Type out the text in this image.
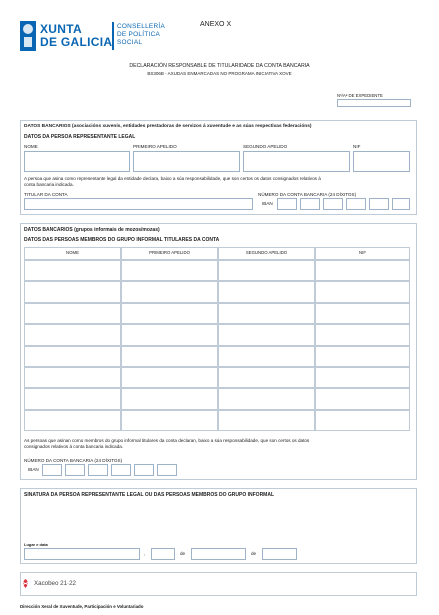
XUNTA
DE GALICIA
CONSELLERÍA
DE POLÍTICA
SOCIAL
ANEXO X
DECLARACIÓN RESPONSABLE DE TITULARIDADE DA CONTA BANCARIA
BS306B - AXUDAS ENMARCADAS NO PROGRAMA INICIATIVA XOVE
Nº/Aª DE EXPEDIENTE
DATOS BANCARIOS (asociacións xuvenís, entidades prestadoras de servizos á xuventude e as súas respectivas federacións)
DATOS DA PERSOA REPRESENTANTE LEGAL
NOME	PRIMEIRO APELIDO	SEGUNDO APELIDO	NIF
A persoa que asina como representante legal da entidade declara, baixo a súa responsabilidade, que son certos os datos consignados relativos á
conta bancaria indicada.
TITULAR DA CONTA	NÚMERO DA CONTA BANCARIA (24 DÍXITOS)
IBAN
DATOS BANCARIOS (grupos informais de mozos/mozas)
DATOS DAS PERSOAS MEMBROS DO GRUPO INFORMAL TITULARES DA CONTA
NOME	PRIMEIRO APELIDO	SEGUNDO APELIDO	NIF
As persoas que asinan como membros do grupo informal titulares da conta declaran, baixo a súa responsabilidade, que son certos os datos
consignados relativos á conta bancaria indicada.
NÚMERO DA CONTA BANCARIA (24 DÍXITOS)
IBAN
SINATURA DA PERSOA REPRESENTANTE LEGAL OU DAS PERSOAS MEMBROS DO GRUPO INFORMAL
Lugar e data
,	de	de
Xacobeo 21·22
Dirección Xeral de Xuventude, Participación e Voluntariado
